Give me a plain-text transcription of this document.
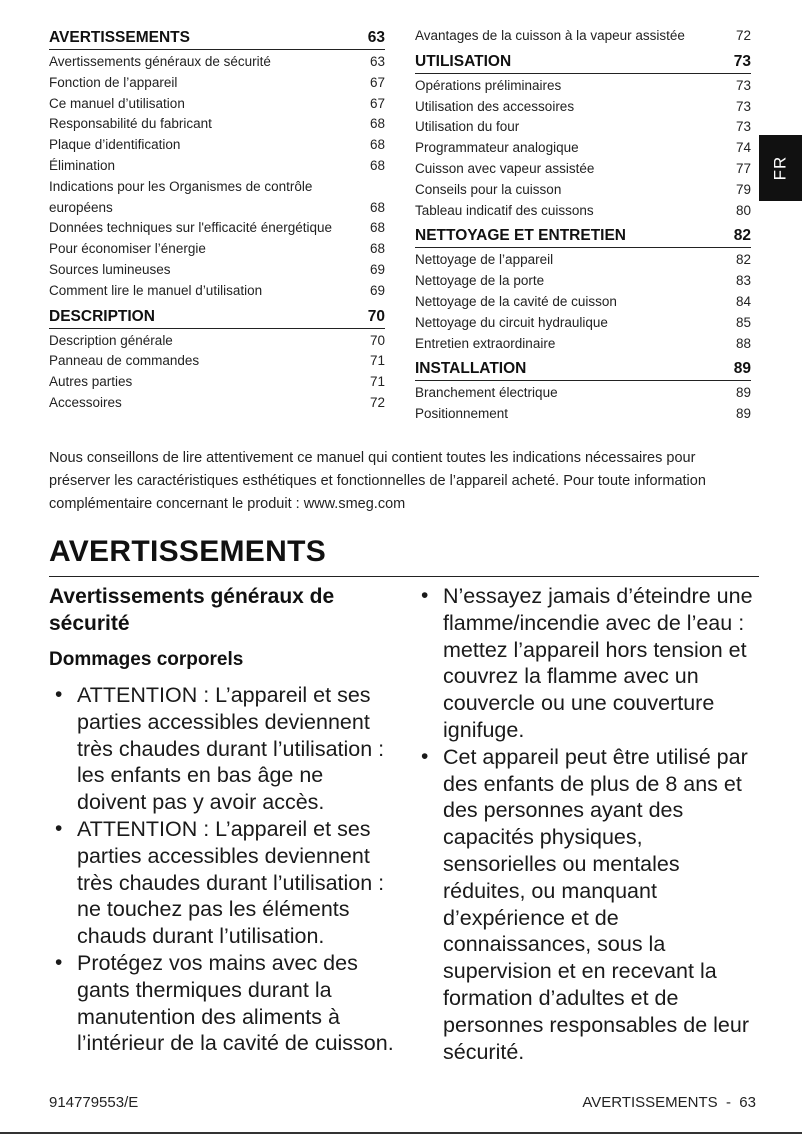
AVERTISSEMENTS	63
Avertissements généraux de sécurité	63
Fonction de l’appareil	67
Ce manuel d’utilisation	67
Responsabilité du fabricant	68
Plaque d’identification	68
Élimination	68
Indications pour les Organismes de contrôle
européens	68
Données techniques sur l'efficacité énergétique	68
Pour économiser l’énergie	68
Sources lumineuses	69
Comment lire le manuel d’utilisation	69
DESCRIPTION	70
Description générale	70
Panneau de commandes	71
Autres parties	71
Accessoires	72
Avantages de la cuisson à la vapeur assistée	72
UTILISATION	73
Opérations préliminaires	73
Utilisation des accessoires	73
Utilisation du four	73
Programmateur analogique	74
Cuisson avec vapeur assistée	77
Conseils pour la cuisson	79
Tableau indicatif des cuissons	80
NETTOYAGE ET ENTRETIEN	82
Nettoyage de l’appareil	82
Nettoyage de la porte	83
Nettoyage de la cavité de cuisson	84
Nettoyage du circuit hydraulique	85
Entretien extraordinaire	88
INSTALLATION	89
Branchement électrique	89
Positionnement	89
FR

Nous conseillons de lire attentivement ce manuel qui contient toutes les indications nécessaires pour préserver les caractéristiques esthétiques et fonctionnelles de l’appareil acheté. Pour toute information complémentaire concernant le produit : www.smeg.com

AVERTISSEMENTS
Avertissements généraux de sécurité
Dommages corporels
• ATTENTION : L’appareil et ses parties accessibles deviennent très chaudes durant l’utilisation : les enfants en bas âge ne doivent pas y avoir accès.
• ATTENTION : L’appareil et ses parties accessibles deviennent très chaudes durant l’utilisation : ne touchez pas les éléments chauds durant l’utilisation.
• Protégez vos mains avec des gants thermiques durant la manutention des aliments à l’intérieur de la cavité de cuisson.
• N’essayez jamais d’éteindre une flamme/incendie avec de l’eau : mettez l’appareil hors tension et couvrez la flamme avec un couvercle ou une couverture ignifuge.
• Cet appareil peut être utilisé par des enfants de plus de 8 ans et des personnes ayant des capacités physiques, sensorielles ou mentales réduites, ou manquant d’expérience et de connaissances, sous la supervision et en recevant la formation d’adultes et de personnes responsables de leur sécurité.
914779553/E	AVERTISSEMENTS  -  63
